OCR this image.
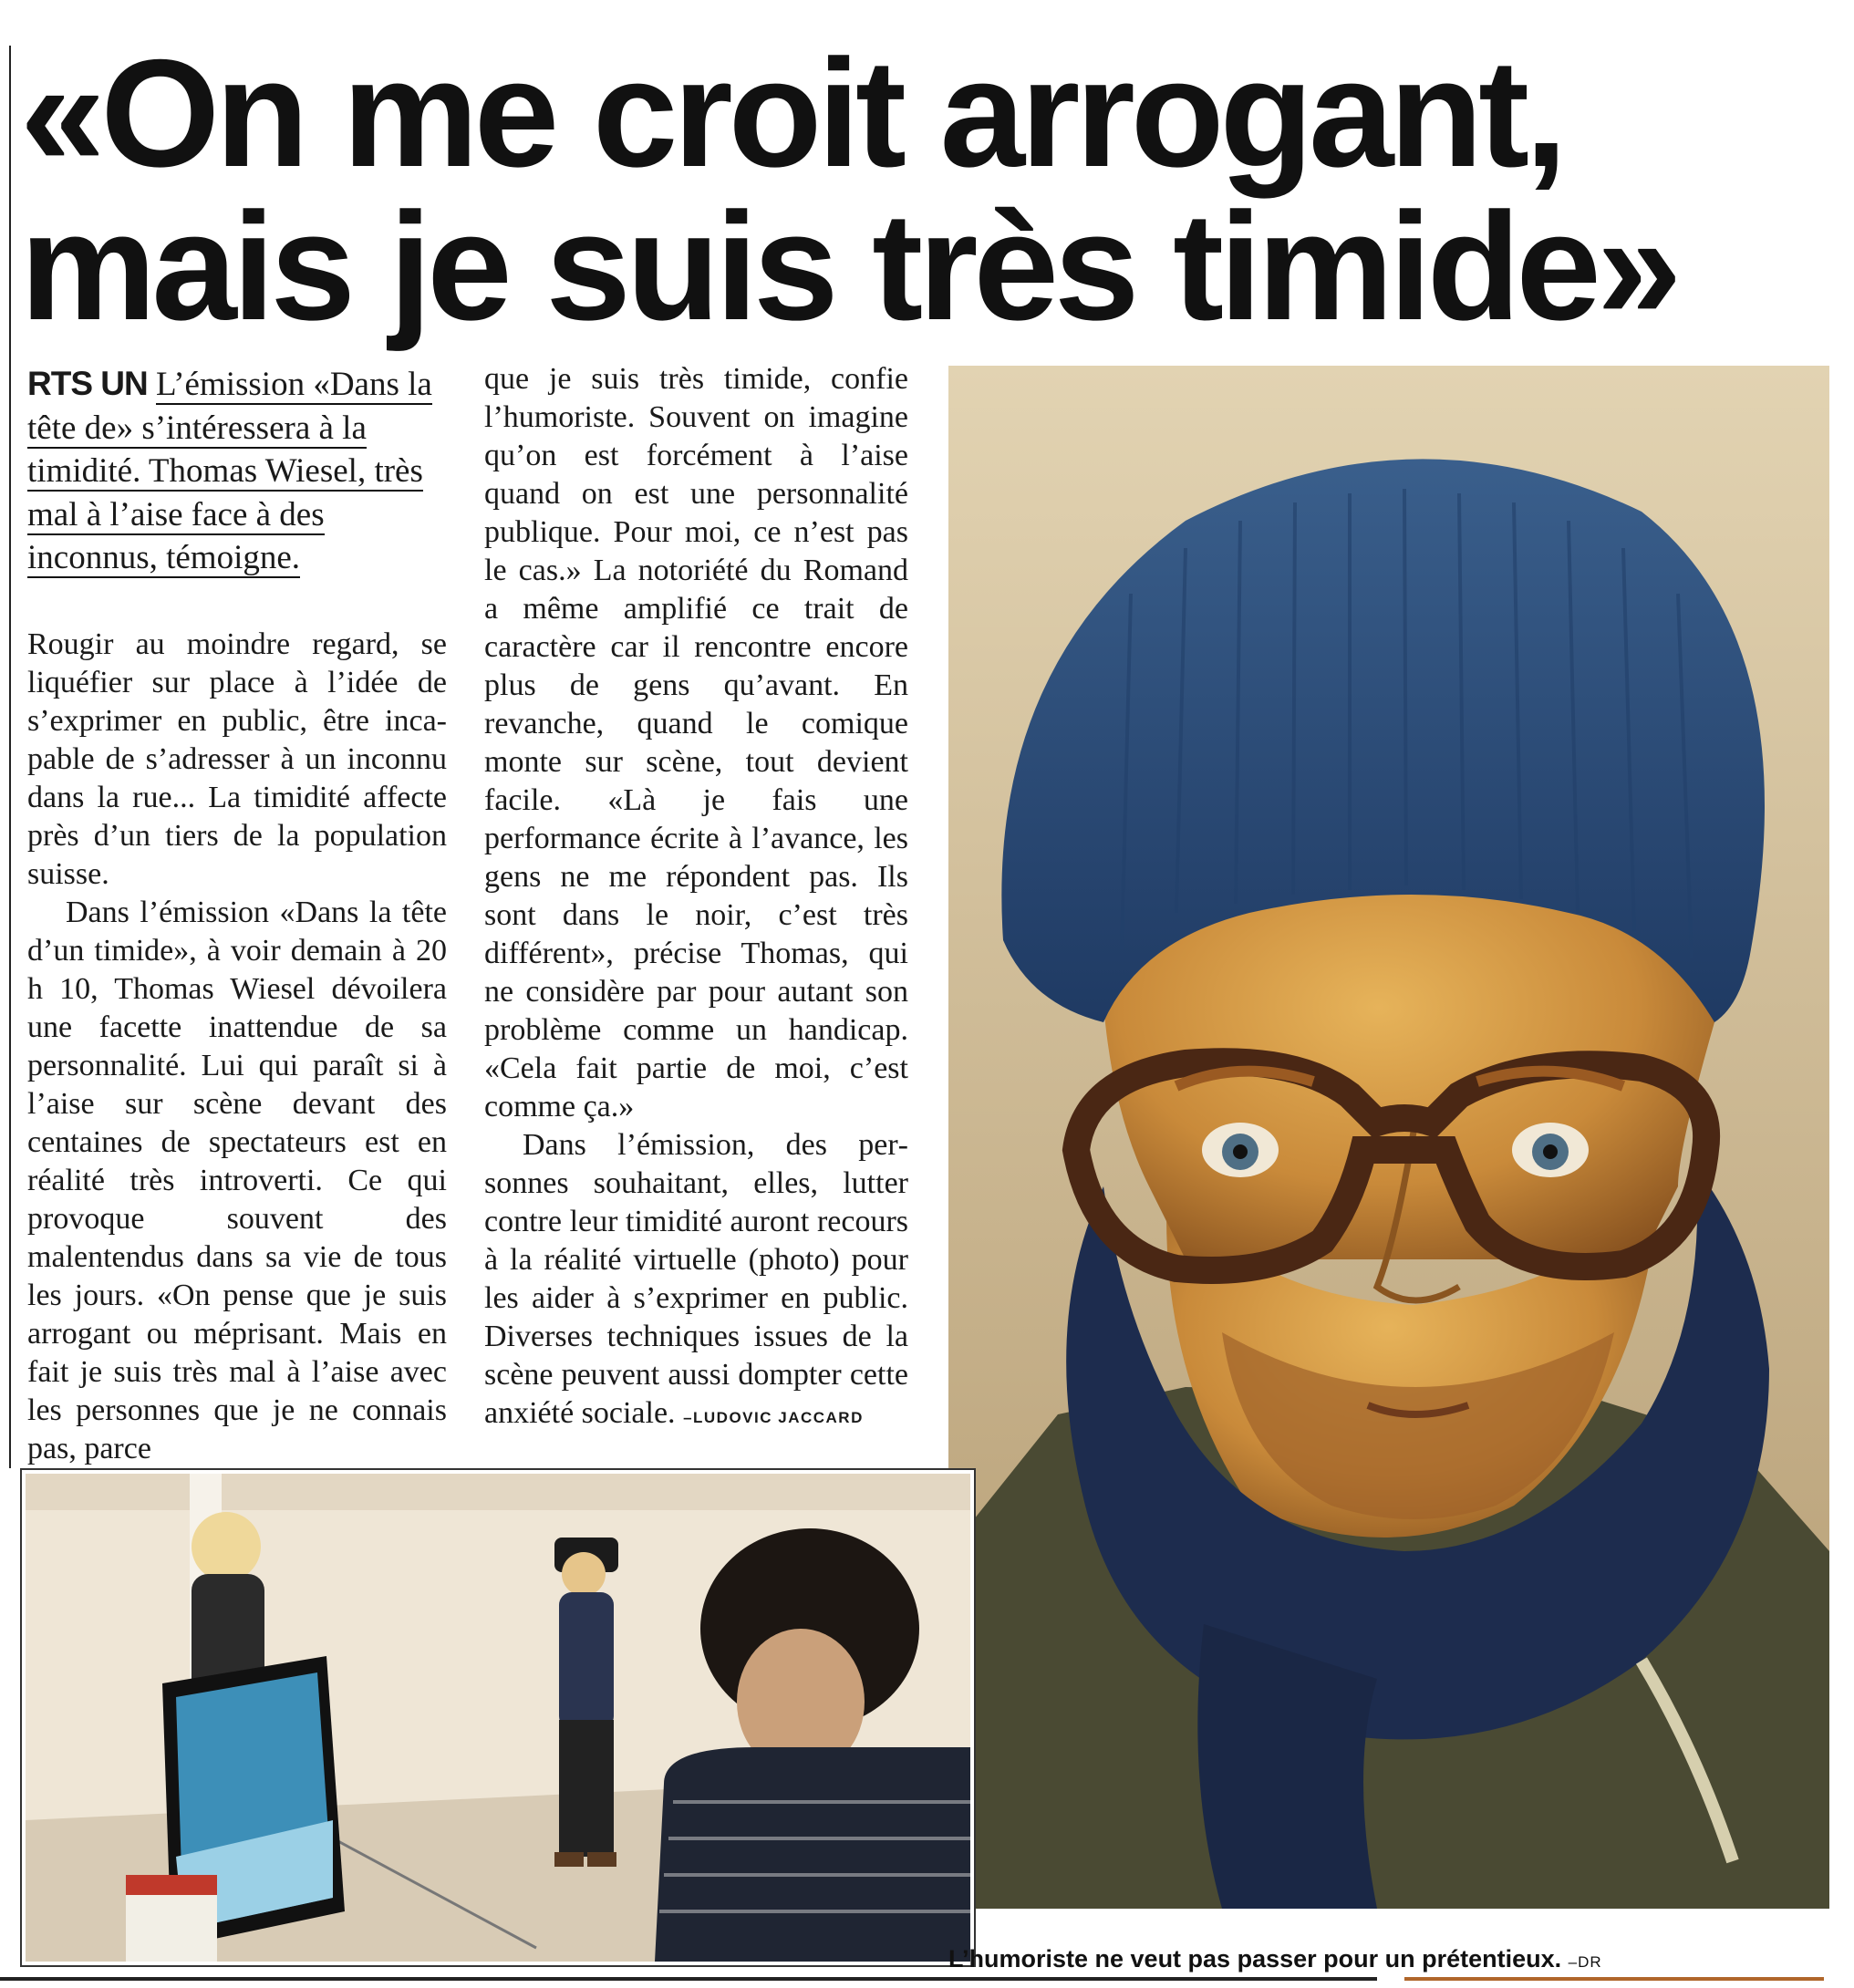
«On me croit arrogant,
mais je suis très timide»
RTS UN L’émission «Dans la tête de» s’intéressera à la timidité. Thomas Wiesel, très mal à l’aise face à des inconnus, témoigne.

Rougir au moindre regard, se liquéfier sur place à l’idée de s’exprimer en public, être incapable de s’adresser à un inconnu dans la rue... La timidité affecte près d’un tiers de la population suisse.

Dans l’émission «Dans la tête d’un timide», à voir demain à 20 h 10, Thomas Wiesel dévoilera une facette inattendue de sa personnalité. Lui qui paraît si à l’aise sur scène devant des centaines de spectateurs est en réalité très introverti. Ce qui provoque souvent des malentendus dans sa vie de tous les jours. «On pense que je suis arrogant ou méprisant. Mais en fait je suis très mal à l’aise avec les personnes que je ne connais pas, parce

que je suis très timide, confie l’humoriste. Souvent on imagine qu’on est forcément à l’aise quand on est une personnalité publique. Pour moi, ce n’est pas le cas.» La notoriété du Romand a même amplifié ce trait de caractère car il rencontre encore plus de gens qu’avant. En revanche, quand le comique monte sur scène, tout devient facile. «Là je fais une performance écrite à l’avance, les gens ne me répondent pas. Ils sont dans le noir, c’est très différent», précise Thomas, qui ne considère par pour autant son problème comme un handicap. «Cela fait partie de moi, c’est comme ça.»

Dans l’émission, des personnes souhaitant, elles, lutter contre leur timidité auront recours à la réalité virtuelle (photo) pour les aider à s’exprimer en public. Diverses techniques issues de la scène peuvent aussi dompter cette anxiété sociale. –LUDOVIC JACCARD

L’humoriste ne veut pas passer pour un prétentieux. –DR
